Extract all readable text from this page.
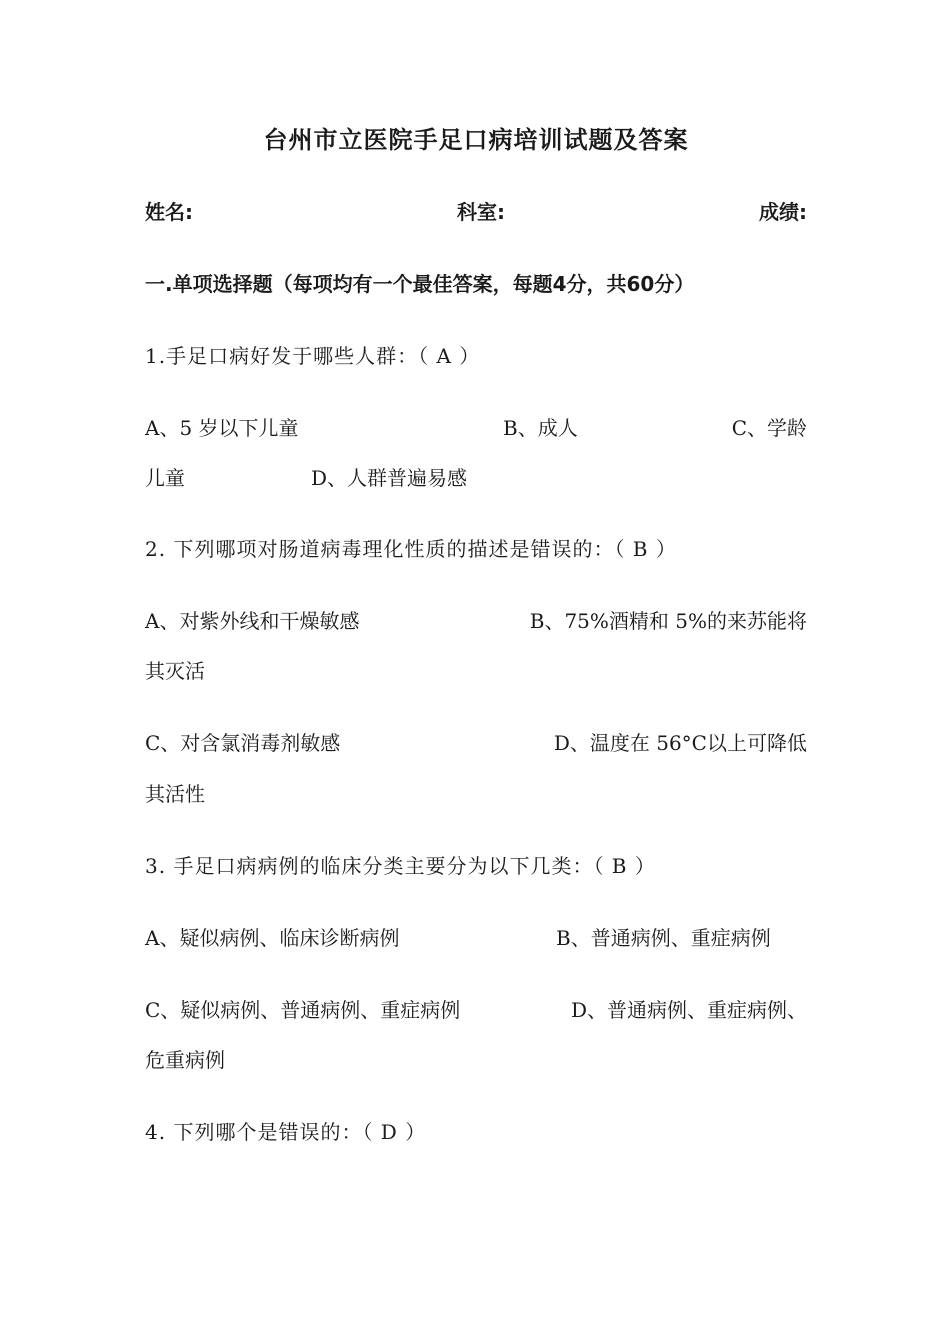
台州市立医院手足口病培训试题及答案
姓名:	科室:	成绩:
一.单项选择题（每项均有一个最佳答案，每题4分，共60分）
1.手足口病好发于哪些人群：（ A ）
A、5 岁以下儿童	B、成人	C、学龄
儿童	D、人群普遍易感
2. 下列哪项对肠道病毒理化性质的描述是错误的：（ B ）
A、对紫外线和干燥敏感	B、75%酒精和 5%的来苏能将
其灭活
C、对含氯消毒剂敏感	D、温度在 56°C以上可降低
其活性
3. 手足口病病例的临床分类主要分为以下几类：（ B ）
A、疑似病例、临床诊断病例	B、普通病例、重症病例
C、疑似病例、普通病例、重症病例	D、普通病例、重症病例、
危重病例
4. 下列哪个是错误的：（ D ）
